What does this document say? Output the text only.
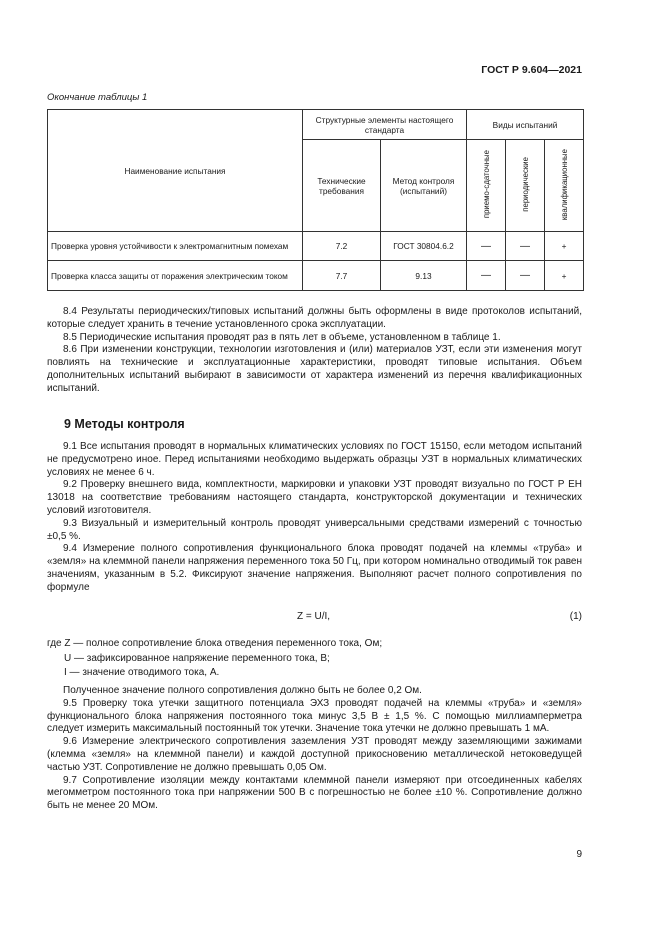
ГОСТ Р 9.604—2021
Окончание таблицы 1
Наименование испытания	Структурные элементы настоящего стандарта		Виды испытаний		
	Технические требования	Метод контроля (испытаний)	приемо-сдаточные	периодические	квалификационные
Проверка уровня устойчивости к электромагнитным помехам	7.2	ГОСТ 30804.6.2	—	—	+
Проверка класса защиты от поражения электрическим током	7.7	9.13	—	—	+

8.4 Результаты периодических/типовых испытаний должны быть оформлены в виде протоколов испытаний, которые следует хранить в течение установленного срока эксплуатации.

8.5 Периодические испытания проводят раз в пять лет в объеме, установленном в таблице 1.

8.6 При изменении конструкции, технологии изготовления и (или) материалов УЗТ, если эти изменения могут повлиять на технические и эксплуатационные характеристики, проводят типовые испытания. Объем дополнительных испытаний выбирают в зависимости от характера изменений из перечня квалификационных испытаний.

9 Методы контроля

9.1 Все испытания проводят в нормальных климатических условиях по ГОСТ 15150, если методом испытаний не предусмотрено иное. Перед испытаниями необходимо выдержать образцы УЗТ в нормальных климатических условиях не менее 6 ч.

9.2 Проверку внешнего вида, комплектности, маркировки и упаковки УЗТ проводят визуально по ГОСТ Р ЕН 13018 на соответствие требованиям настоящего стандарта, конструкторской документации и технических условий изготовителя.

9.3 Визуальный и измерительный контроль проводят универсальными средствами измерений с точностью ±0,5 %.

9.4 Измерение полного сопротивления функционального блока проводят подачей на клеммы «труба» и «земля» на клеммной панели напряжения переменного тока 50 Гц, при котором номинально отводимый ток равен значениям, указанным в 5.2. Фиксируют значение напряжения. Выполняют расчет полного сопротивления по формуле

Z = U/I,	(1)
где Z — полное сопротивление блока отведения переменного тока, Ом;
U — зафиксированное напряжение переменного тока, В;
I — значение отводимого тока, А.

Полученное значение полного сопротивления должно быть не более 0,2 Ом.

9.5 Проверку тока утечки защитного потенциала ЭХЗ проводят подачей на клеммы «труба» и «земля» функционального блока напряжения постоянного тока минус 3,5 В ± 1,5 %. С помощью миллиамперметра следует измерить максимальный постоянный ток утечки. Значение тока утечки не должно превышать 1 мА.

9.6 Измерение электрического сопротивления заземления УЗТ проводят между заземляющими зажимами (клемма «земля» на клеммной панели) и каждой доступной прикосновению металлической нетоковедущей частью УЗТ. Сопротивление не должно превышать 0,05 Ом.

9.7 Сопротивление изоляции между контактами клеммной панели измеряют при отсоединенных кабелях мегомметром постоянного тока при напряжении 500 В с погрешностью не более ±10 %. Сопротивление должно быть не менее 20 МОм.

9
